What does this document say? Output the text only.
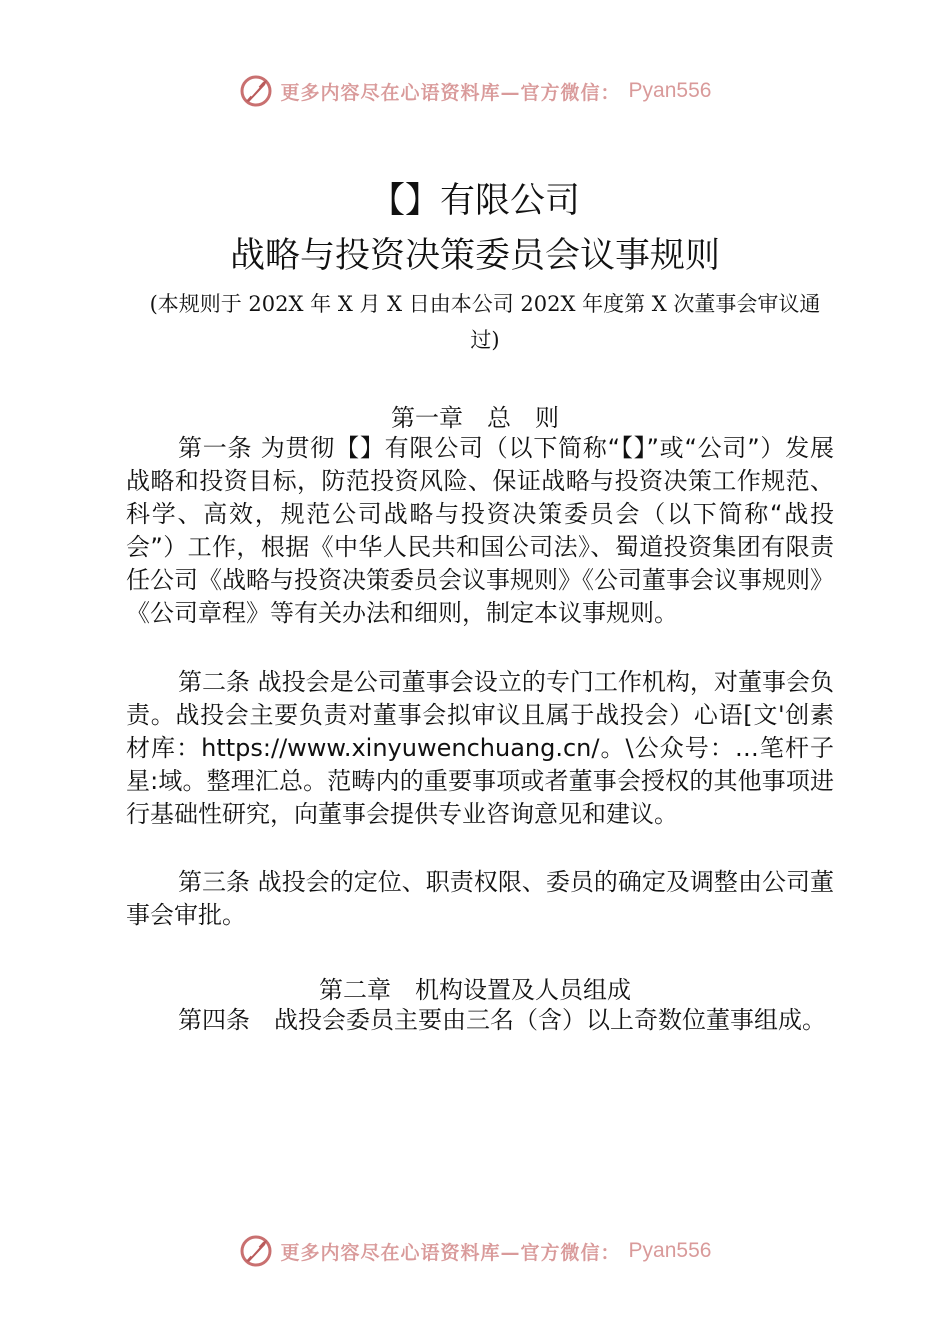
更多内容尽在心语资料库—官方微信： Pyan556
【】有限公司
战略与投资决策委员会议事规则
(本规则于 202X 年 X 月 X 日由本公司 202X 年度第 X 次董事会审议通过)
第一章　总　则
第一条 为贯彻【】有限公司（以下简称“【】”或“公司”）发展战略和投资目标，防范投资风险、保证战略与投资决策工作规范、科学、高效，规范公司战略与投资决策委员会（以下简称“战投会”）工作，根据《中华人民共和国公司法》、蜀道投资集团有限责任公司《战略与投资决策委员会议事规则》《公司董事会议事规则》《公司章程》等有关办法和细则，制定本议事规则。
第二条 战投会是公司董事会设立的专门工作机构，对董事会负责。战投会主要负责对董事会拟审议且属于战投会）心语[文'创素材库：https://www.xinyuwenchuang.cn/。\公众号：…笔杆子星:域。整理汇总。范畴内的重要事项或者董事会授权的其他事项进行基础性研究，向董事会提供专业咨询意见和建议。
第三条 战投会的定位、职责权限、委员的确定及调整由公司董事会审批。
第二章　机构设置及人员组成
第四条　战投会委员主要由三名（含）以上奇数位董事组成。
更多内容尽在心语资料库—官方微信： Pyan556
